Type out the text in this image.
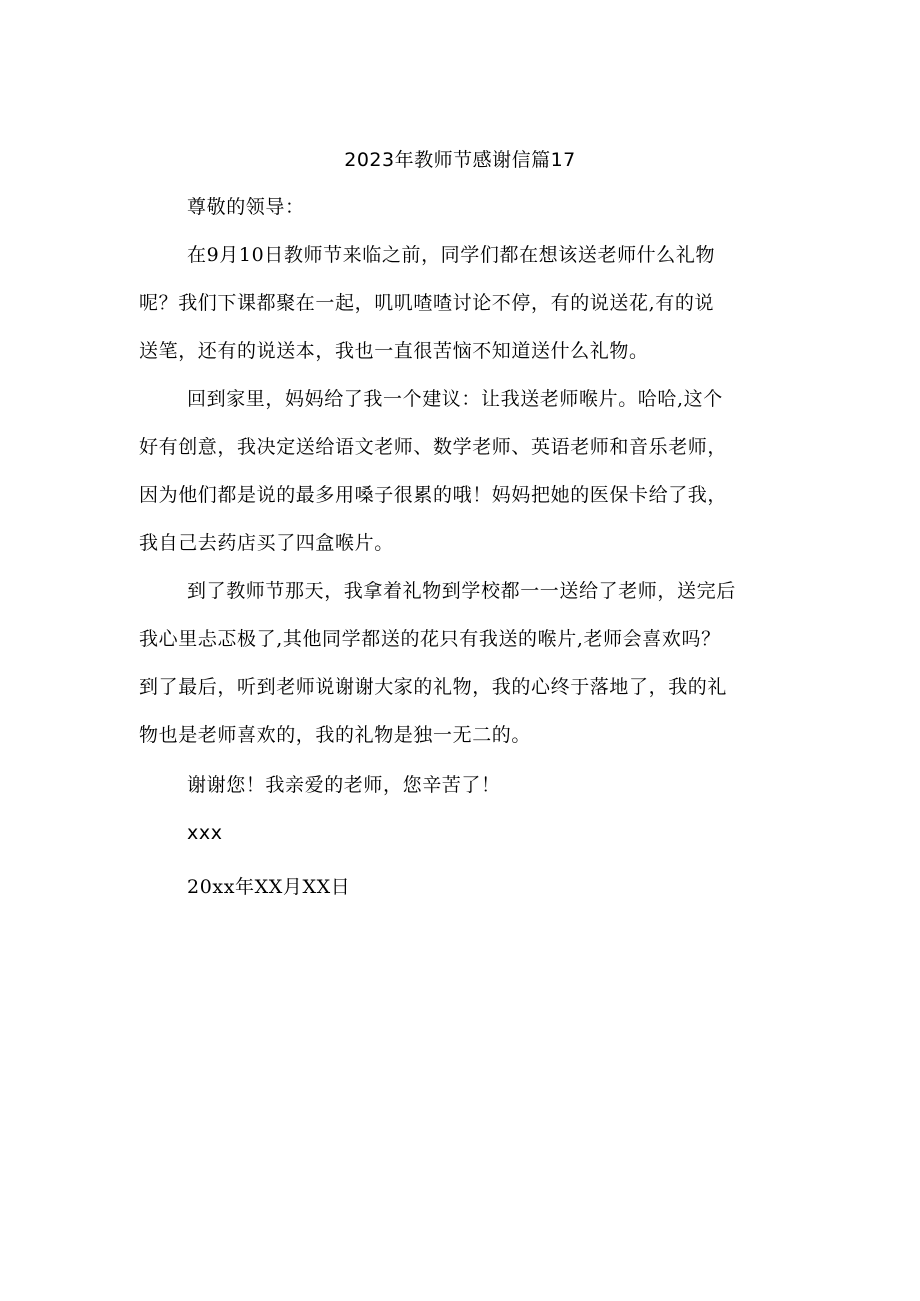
2023年教师节感谢信篇17
尊敬的领导：
在9月10日教师节来临之前，同学们都在想该送老师什么礼物
呢？我们下课都聚在一起，叽叽喳喳讨论不停，有的说送花,有的说
送笔，还有的说送本，我也一直很苦恼不知道送什么礼物。
回到家里，妈妈给了我一个建议：让我送老师喉片。哈哈,这个
好有创意，我决定送给语文老师、数学老师、英语老师和音乐老师，
因为他们都是说的最多用嗓子很累的哦！妈妈把她的医保卡给了我，
我自己去药店买了四盒喉片。
到了教师节那天，我拿着礼物到学校都一一送给了老师，送完后
我心里忐忑极了,其他同学都送的花只有我送的喉片,老师会喜欢吗？
到了最后，听到老师说谢谢大家的礼物，我的心终于落地了，我的礼
物也是老师喜欢的，我的礼物是独一无二的。
谢谢您！我亲爱的老师，您辛苦了！
xxx
20xx年XX月XX日
